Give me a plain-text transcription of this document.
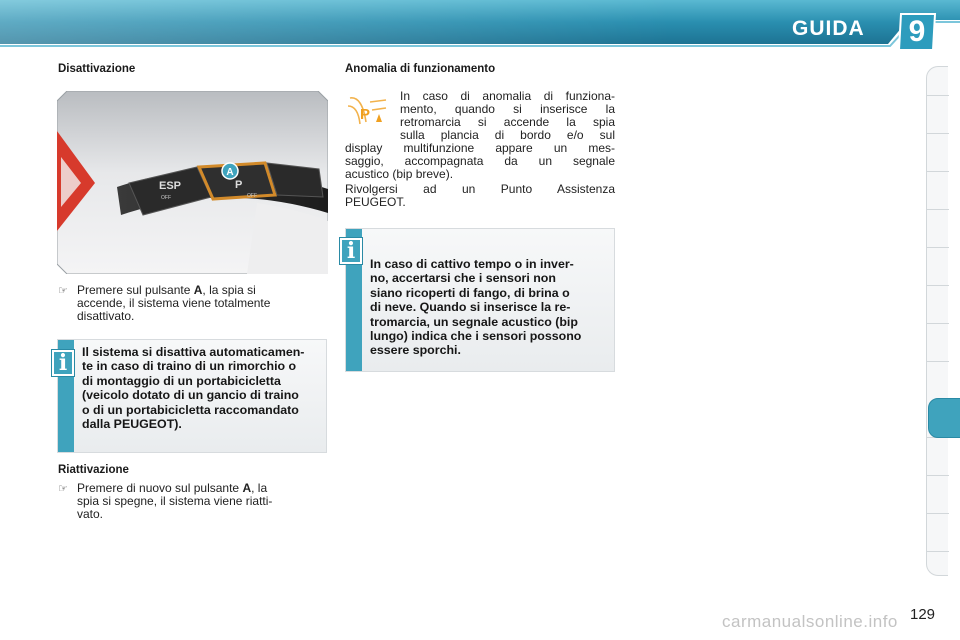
GUIDA	9
Disattivazione
ESP
OFF
P
OFF
A
☞ Premere sul pulsante A, la spia si
accende, il sistema viene totalmente
disattivato.
Il sistema si disattiva automaticamen-
te in caso di traino di un rimorchio o
di montaggio di un portabicicletta
(veicolo dotato di un gancio di traino
o di un portabicicletta raccomandato
dalla PEUGEOT).
i
Riattivazione
☞ Premere di nuovo sul pulsante A, la
spia si spegne, il sistema viene riatti-
vato.
Anomalia di funzionamento
P
In caso di anomalia di funziona-
mento, quando si inserisce la
retromarcia si accende la spia
sulla plancia di bordo e/o sul
display multifunzione appare un mes-
saggio, accompagnata da un segnale
acustico (bip breve).
Rivolgersi ad un Punto Assistenza
PEUGEOT.
In caso di cattivo tempo o in inver-
no, accertarsi che i sensori non
siano ricoperti di fango, di brina o
di neve. Quando si inserisce la re-
tromarcia, un segnale acustico (bip
lungo) indica che i sensori possono
essere sporchi.
i
carmanualsonline.info 129
